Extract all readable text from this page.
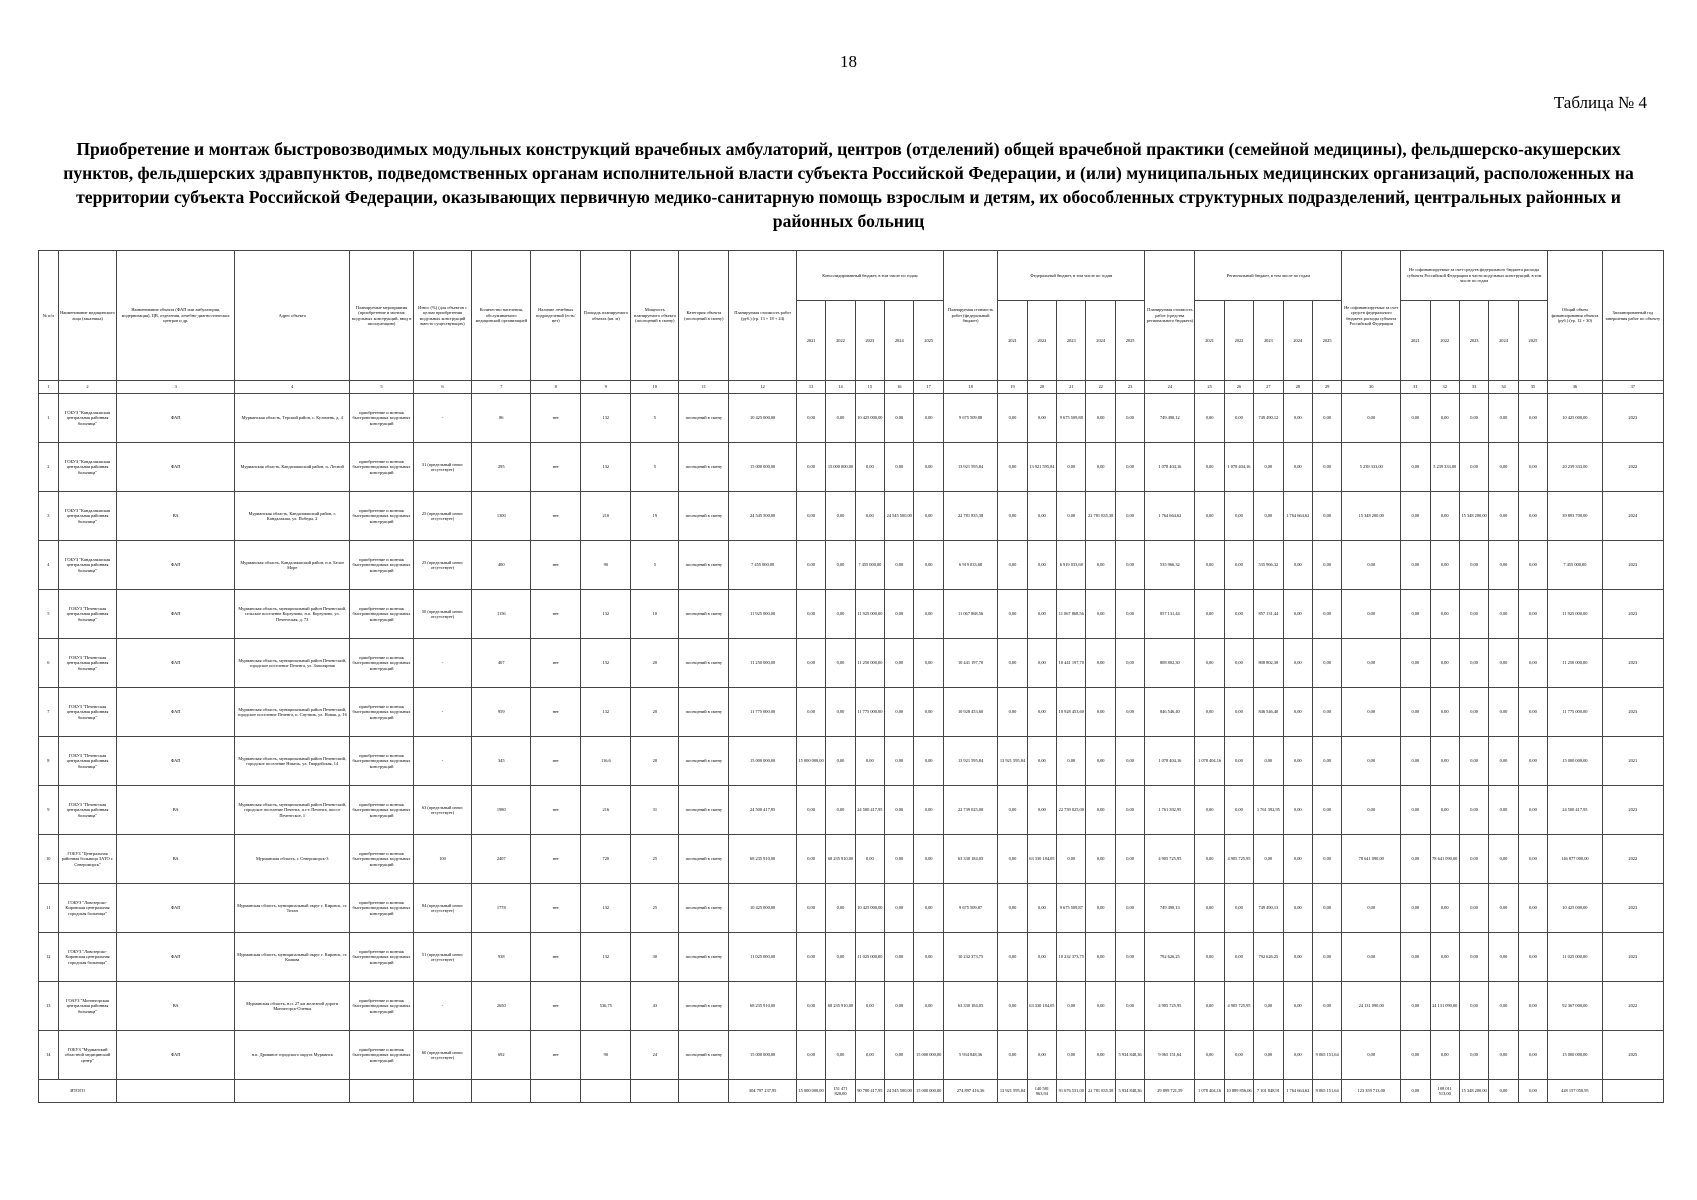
18
Таблица № 4
Приобретение и монтаж быстровозводимых модульных конструкций врачебных амбулаторий, центров (отделений) общей врачебной практики (семейной медицины), фельдшерско-акушерских пунктов, фельдшерских здравпунктов, подведомственных органам исполнительной власти субъекта Российской Федерации, и (или) муниципальных медицинских организаций, расположенных на территории субъекта Российской Федерации, оказывающих первичную медико-санитарную помощь взрослым и детям, их обособленных структурных подразделений, центральных районных и районных больниц
№ п/п	Наименование медицинского лица (заказчика)	Наименование объекта (ФАП или амбулатория, модернизация), ЦВ, отделения, лечебно-диагностических центров и др.	Адрес объекта	Планируемые мероприятия (приобретение и монтаж модульных конструкций, ввод в эксплуатацию)	Износ (%) (для объектов с целью приобретения модульных конструкций вместо существующих)	Количество населения, обслуживаемого медицинской организацией	Наличие лечебных подразделений (есть/нет)	Площадь планируемого объекта (кв. м)	Мощность планируемого объекта (посещений в смену)	Категория объекта (посещений в смену)	Планируемая стоимость работ (руб.) (гр. 13 + 18 + 24)	Консолидированный бюджет, в том числе по годам					Планируемая стоимость работ (федеральный бюджет)	Федеральный бюджет, в том числе по годам					Планируемая стоимость работ (средства регионального бюджета)	Региональный бюджет, в том числе по годам					Не софинансируемые за счет средств федерального бюджета расходы субъекта Российской Федерации	Не софинансируемые за счет средств федерального бюджета расходы субъекта Российской Федерации в части модульных конструкций, в том числе по годам					Общий объем финансирования объекта (руб.) (гр. 12 + 30)	Запланированный год завершения работ по объекту
												2021	2022	2023	2024	2025		2021	2022	2023	2024	2025		2021	2022	2023	2024	2025		2021	2022	2023	2024	2025		
1	2	3	4	5	6	7	8	9	10	11	12	13	14	15	16	17	18	19	20	21	22	23	24	25	26	27	28	29	30	31	32	33	34	35	36	37
1	ГОБУЗ "Кандалакшская центральная районная больница"	ФАП	Мурманская область, Терский район, с. Кузомень, д. 4	приобретение и монтаж быстровозводимых модульных конструкций	-	86	нет	132	5	посещений в смену	10 425 000,00	0,00	0,00	10 425 000,00	0,00	0,00	9 675 509,88	0,00	0,00	9 675 509,88	0,00	0,00	749 490,12	0,00	0,00	749 490,12	0,00	0,00	0,00	0,00	0,00	0,00	0,00	0,00	10 425 000,00	2023
2	ГОБУЗ "Кандалакшская центральная районная больница"	ФАП	Мурманская область, Кандалакшский район, п. Лесной	приобретение и монтаж быстровозводимых модульных конструкций	31 (предельный износ отсутствует)	295	нет	132	5	посещений в смену	15 000 000,00	0,00	15 000 000,00	0,00	0,00	0,00	13 921 595,84	0,00	13 921 595,84	0,00	0,00	0,00	1 078 404,16	0,00	1 078 404,16	0,00	0,00	0,00	5 239 333,00	0,00	5 239 333,00	0,00	0,00	0,00	20 239 333,00	2022
3	ГОБУЗ "Кандалакшская центральная районная больница"	ВА	Мурманская область, Кандалакшский район, г. Кандалакша, ул. Победы, 2	приобретение и монтаж быстровозводимых модульных конструкций	25 (предельный износ отсутствует)	1300	нет	210	19	посещений в смену	24 545 500,00	0,00	0,00	0,00	24 545 500,00	0,00	22 781 835,38	0,00	0,00	0,00	22 781 835,38	0,00	1 764 664,62	0,00	0,00	0,00	1 764 664,62	0,00	15 348 200,00	0,00	0,00	15 348 200,00	0,00	0,00	39 893 700,00	2024
4	ГОБУЗ "Кандалакшская центральная районная больница"	ФАП	Мурманская область, Кандалакшский район, н.п. Белое Море	приобретение и монтаж быстровозводимых модульных конструкций	25 (предельный износ отсутствует)	400	нет	90	5	посещений в смену	7 455 000,00	0,00	0,00	7 455 000,00	0,00	0,00	6 919 033,68	0,00	0,00	6 919 033,68	0,00	0,00	535 966,32	0,00	0,00	535 966,32	0,00	0,00	0,00	0,00	0,00	0,00	0,00	0,00	7 455 000,00	2023
5	ГОБУЗ "Печенгская центральная районная больница"	ФАП	Мурманская область, муниципальный район Печенгский, сельское поселение Корзуново, н.п. Корзуново, ул. Печенгская, д. 73	приобретение и монтаж быстровозводимых модульных конструкций	50 (предельный износ отсутствует)	1156	нет	132	10	посещений в смену	11 925 000,00	0,00	0,00	11 925 000,00	0,00	0,00	11 067 868,56	0,00	0,00	11 067 868,56	0,00	0,00	857 131,44	0,00	0,00	857 131,44	0,00	0,00	0,00	0,00	0,00	0,00	0,00	0,00	11 925 000,00	2023
6	ГОБУЗ "Печенгская центральная районная больница"	ФАП	Мурманская область, муниципальный район Печенгский, городское поселение Печенга, ул. Заполярная	приобретение и монтаж быстровозводимых модульных конструкций	-	467	нет	132	20	посещений в смену	11 250 000,00	0,00	0,00	11 250 000,00	0,00	0,00	10 441 197,70	0,00	0,00	10 441 197,70	0,00	0,00	808 802,30	0,00	0,00	808 802,30	0,00	0,00	0,00	0,00	0,00	0,00	0,00	0,00	11 250 000,00	2023
7	ГОБУЗ "Печенгская центральная районная больница"	ФАП	Мурманская область, муниципальный район Печенгский, городское поселение Печенга, п. Спутник, ул. Новая, д. 16	приобретение и монтаж быстровозводимых модульных конструкций	-	959	нет	132	20	посещений в смену	11 775 000,00	0,00	0,00	11 775 000,00	0,00	0,00	10 928 453,60	0,00	0,00	10 928 453,60	0,00	0,00	846 546,40	0,00	0,00	846 546,40	0,00	0,00	0,00	0,00	0,00	0,00	0,00	0,00	11 775 000,00	2023
8	ГОБУЗ "Печенгская центральная районная больница"	ФАП	Мурманская область, муниципальный район Печенгский, городское поселение Никель, ул. Гвардейская, 14	приобретение и монтаж быстровозводимых модульных конструкций	-	345	нет	116,6	20	посещений в смену	15 000 000,00	15 000 000,00	0,00	0,00	0,00	0,00	13 921 595,84	13 921 595,84	0,00	0,00	0,00	0,00	1 078 404,16	1 078 404,16	0,00	0,00	0,00	0,00	0,00	0,00	0,00	0,00	0,00	0,00	15 000 000,00	2021
9	ГОБУЗ "Печенгская центральная районная больница"	ВА	Мурманская область, муниципальный район Печенгский, городское поселение Печенга, п.г.т. Печенга, шоссе Печенгское, 1	приобретение и монтаж быстровозводимых модульных конструкций	63 (предельный износ отсутствует)	1980	нет	216	31	посещений в смену	24 500 417,95	0,00	0,00	24 500 417,95	0,00	0,00	22 739 025,00	0,00	0,00	22 739 025,00	0,00	0,00	1 761 392,95	0,00	0,00	1 761 392,95	0,00	0,00	0,00	0,00	0,00	0,00	0,00	0,00	24 500 417,95	2023
10	ГОБУЗ "Центральная районная больница ЗАТО г. Североморск"	ВА	Мурманская область, г. Североморск-3	приобретение и монтаж быстровозводимых модульных конструкций	100	2407	нет	720	25	посещений в смену	68 235 910,00	0,00	68 235 910,00	0,00	0,00	0,00	63 330 184,05	0,00	63 330 184,05	0,00	0,00	0,00	4 905 725,95	0,00	4 905 725,95	0,00	0,00	0,00	78 641 090,00	0,00	78 641 090,00	0,00	0,00	0,00	146 877 000,00	2022
11	ГОБУЗ "Ловозерско-Кировская центральная городская больница"	ФАП	Мурманская область, муниципальный округ г. Кировск, ст. Титан	приобретение и монтаж быстровозводимых модульных конструкций	84 (предельный износ отсутствует)	1778	нет	132	25	посещений в смену	10 425 000,00	0,00	0,00	10 425 000,00	0,00	0,00	9 675 509,87	0,00	0,00	9 675 509,87	0,00	0,00	749 490,13	0,00	0,00	749 490,13	0,00	0,00	0,00	0,00	0,00	0,00	0,00	0,00	10 425 000,00	2023
12	ГОБУЗ "Ловозерско-Кировская центральная городская больница"	ФАП	Мурманская область, муниципальный округ г. Кировск, ст. Коашва	приобретение и монтаж быстровозводимых модульных конструкций	51 (предельный износ отсутствует)	938	нет	132	30	посещений в смену	11 025 000,00	0,00	0,00	11 025 000,00	0,00	0,00	10 232 373,75	0,00	0,00	10 232 373,75	0,00	0,00	792 626,25	0,00	0,00	792 626,25	0,00	0,00	0,00	0,00	0,00	0,00	0,00	0,00	11 025 000,00	2023
13	ГОАУЗ "Мончегорская центральная районная больница"	ВА	Мурманская область, н.п. 27 км железной дороги Мончегорск-Оленья	приобретение и монтаж быстровозводимых модульных конструкций	-	2650	нет	536,75	43	посещений в смену	68 235 910,00	0,00	68 235 910,00	0,00	0,00	0,00	63 330 184,05	0,00	63 330 184,05	0,00	0,00	0,00	4 905 725,95	0,00	4 905 725,95	0,00	0,00	0,00	24 131 090,00	0,00	24 131 090,00	0,00	0,00	0,00	92 367 000,00	2022
14	ГОБУЗ "Мурманский областной медицинский центр"	ФАП	н.п. Дровяное городского округа Мурманск	приобретение и монтаж быстровозводимых модульных конструкций	60 (предельный износ отсутствует)	692	нет	90	24	посещений в смену	15 000 000,00	0,00	0,00	0,00	0,00	15 000 000,00	5 934 848,36	0,00	0,00	0,00	0,00	5 934 848,36	9 065 151,64	0,00	0,00	0,00	0,00	9 065 151,64	0,00	0,00	0,00	0,00	0,00	0,00	15 000 000,00	2025
ИТОГО											304 797 237,95	15 000 000,00	151 471 820,00	90 780 417,95	24 545 500,00	15 000 000,00	274 897 416,36	13 921 595,84	140 581 963,94	91 676 531,00	22 781 835,38	5 934 848,36	29 899 721,59	1 078 404,16	10 889 856,06	7 101 848,91	1 764 664,62	9 065 151,64	123 359 713,00	0,00	108 011 513,00	15 348 200,00	0,00	0,00	428 157 050,95	
